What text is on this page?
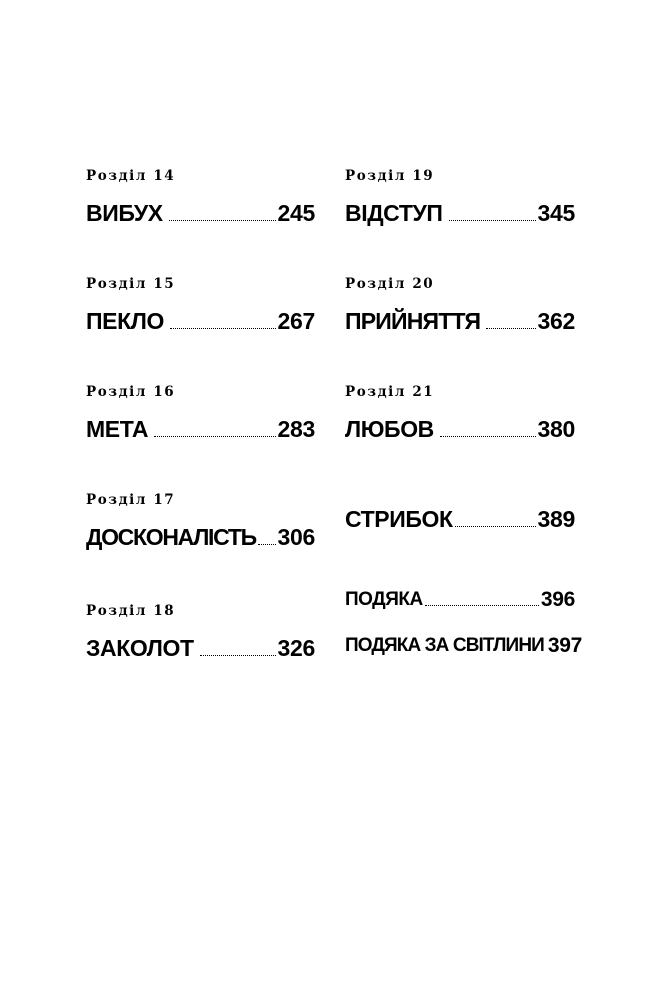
Розділ 14
ВИБУХ	245
Розділ 15
ПЕКЛО	267
Розділ 16
МЕТА	283
Розділ 17
ДОСКОНАЛІСТЬ 306
Розділ 18
ЗАКОЛОТ	326
Розділ 19
ВІДСТУП	345
Розділ 20
ПРИЙНЯТТЯ 362
Розділ 21
ЛЮБОВ	380
СТРИБОК	389
ПОДЯКА	396
ПОДЯКА ЗА СВІТЛИНИ 397
